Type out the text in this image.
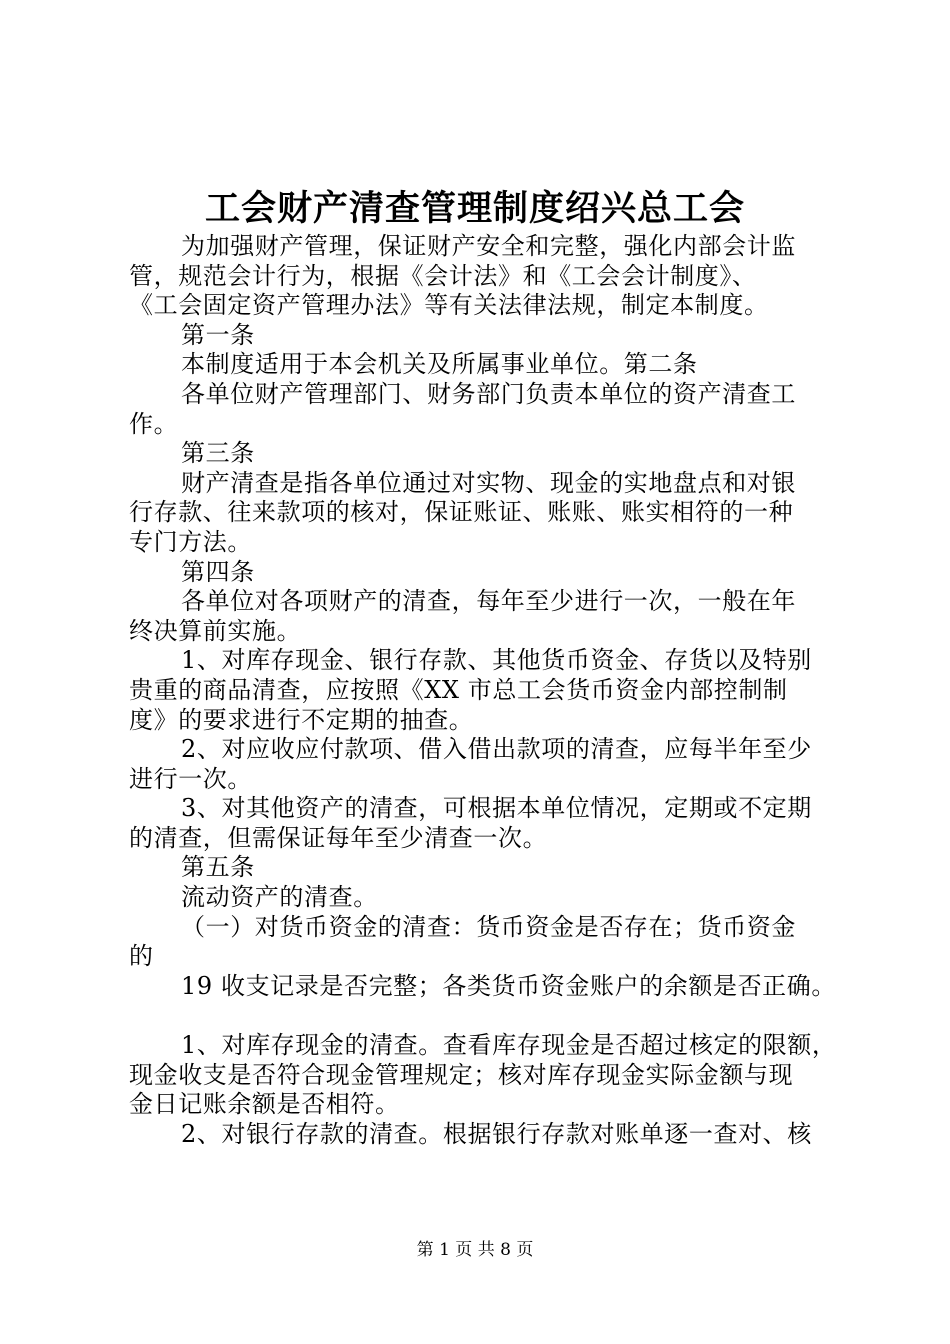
工会财产清查管理制度绍兴总工会
为加强财产管理，保证财产安全和完整，强化内部会计监
管，规范会计行为，根据《会计法》和《工会会计制度》、
《工会固定资产管理办法》等有关法律法规，制定本制度。
第一条
本制度适用于本会机关及所属事业单位。第二条
各单位财产管理部门、财务部门负责本单位的资产清查工
作。
第三条
财产清查是指各单位通过对实物、现金的实地盘点和对银
行存款、往来款项的核对，保证账证、账账、账实相符的一种
专门方法。
第四条
各单位对各项财产的清查，每年至少进行一次，一般在年
终决算前实施。
1、对库存现金、银行存款、其他货币资金、存货以及特别
贵重的商品清查，应按照《XX 市总工会货币资金内部控制制
度》的要求进行不定期的抽查。
2、对应收应付款项、借入借出款项的清查，应每半年至少
进行一次。
3、对其他资产的清查，可根据本单位情况，定期或不定期
的清查，但需保证每年至少清查一次。
第五条
流动资产的清查。
（一）对货币资金的清查：货币资金是否存在；货币资金
的
19 收支记录是否完整；各类货币资金账户的余额是否正确。
1、对库存现金的清查。查看库存现金是否超过核定的限额，
现金收支是否符合现金管理规定；核对库存现金实际金额与现
金日记账余额是否相符。
2、对银行存款的清查。根据银行存款对账单逐一查对、核
第 1 页 共 8 页
